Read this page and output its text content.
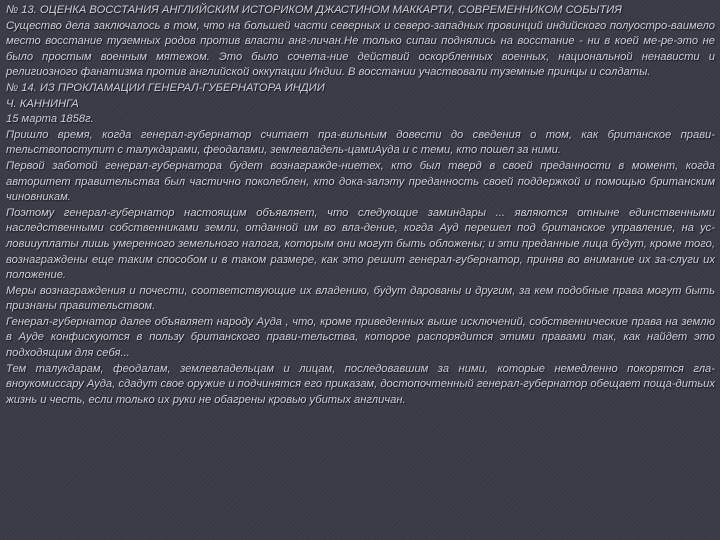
№ 13. ОЦЕНКА ВОССТАНИЯ АНГЛИЙСКИМ ИСТОРИКОМ ДЖАСТИНОМ МАККАРТИ, СОВРЕМЕННИКОМ СОБЫТИЯ

Существо дела заключалось в том, что на большей части северных и северо-западных провинций индийского полуостро-ваимело место восстание туземных родов против власти анг-личан.Не только сипаи поднялись на восстание - ни в коей ме-ре-это не было простым военным мятежом. Это было сочета-ние действий оскорбленных военных, национальной ненависти и религиозного фанатизма против английской оккупации Индии. В восстании участвовали туземные принцы и солдаты.

№ 14. ИЗ ПРОКЛАМАЦИИ ГЕНЕРАЛ-ГУБЕРНАТОРА ИНДИИ

Ч. КАННИНГА

15 марта 1858г.

Пришло время, когда генерал-губернатор считает пра-вильным довести до сведения о том, как британское прави-тельствопоступит с талукдарами, феодалами, землевладель-цамиАуда и с теми, кто пошел за ними.

Первой заботой генерал-губернатора будет вознагражде-ниетех, кто был тверд в своей преданности в момент, когда авторитет правительства был частично поколеблен, кто дока-залэту преданность своей поддержкой и помощью британским чиновникам.

Поэтому генерал-губернатор настоящим объявляет, что следующие заминдары ... являются отныне единственными наследственными собственниками земли, отданной им во вла-дение, когда Ауд перешел под британское управление, на ус-ловииуплаты лишь умеренного земельного налога, которым они могут быть обложены; и эти преданные лица будут, кроме того, вознаграждены еще таким способом и в таком размере, как это решит генерал-губернатор, приняв во внимание их за-слуги их положение.

Меры вознаграждения и почести, соответствующие их владению, будут дарованы и другим, за кем подобные права могут быть признаны правительством.

Генерал-губернатор далее объявляет народу Ауда , что, кроме приведенных выше исключений, собственнические права на землю в Ауде конфискуются в пользу британского прави-тельства, которое распорядится этими правами так, как найдет это подходящим для себя...

Тем талукдарам, феодалам, землевладельцам и лицам, последовавшим за ними, которые немедленно покорятся гла-вноукомиссару Ауда, сдадут свое оружие и подчинятся его приказам, достопочтенный генерал-губернатор обещает поща-дитьих жизнь и честь, если только их руки не обагрены кровью убитых англичан.
